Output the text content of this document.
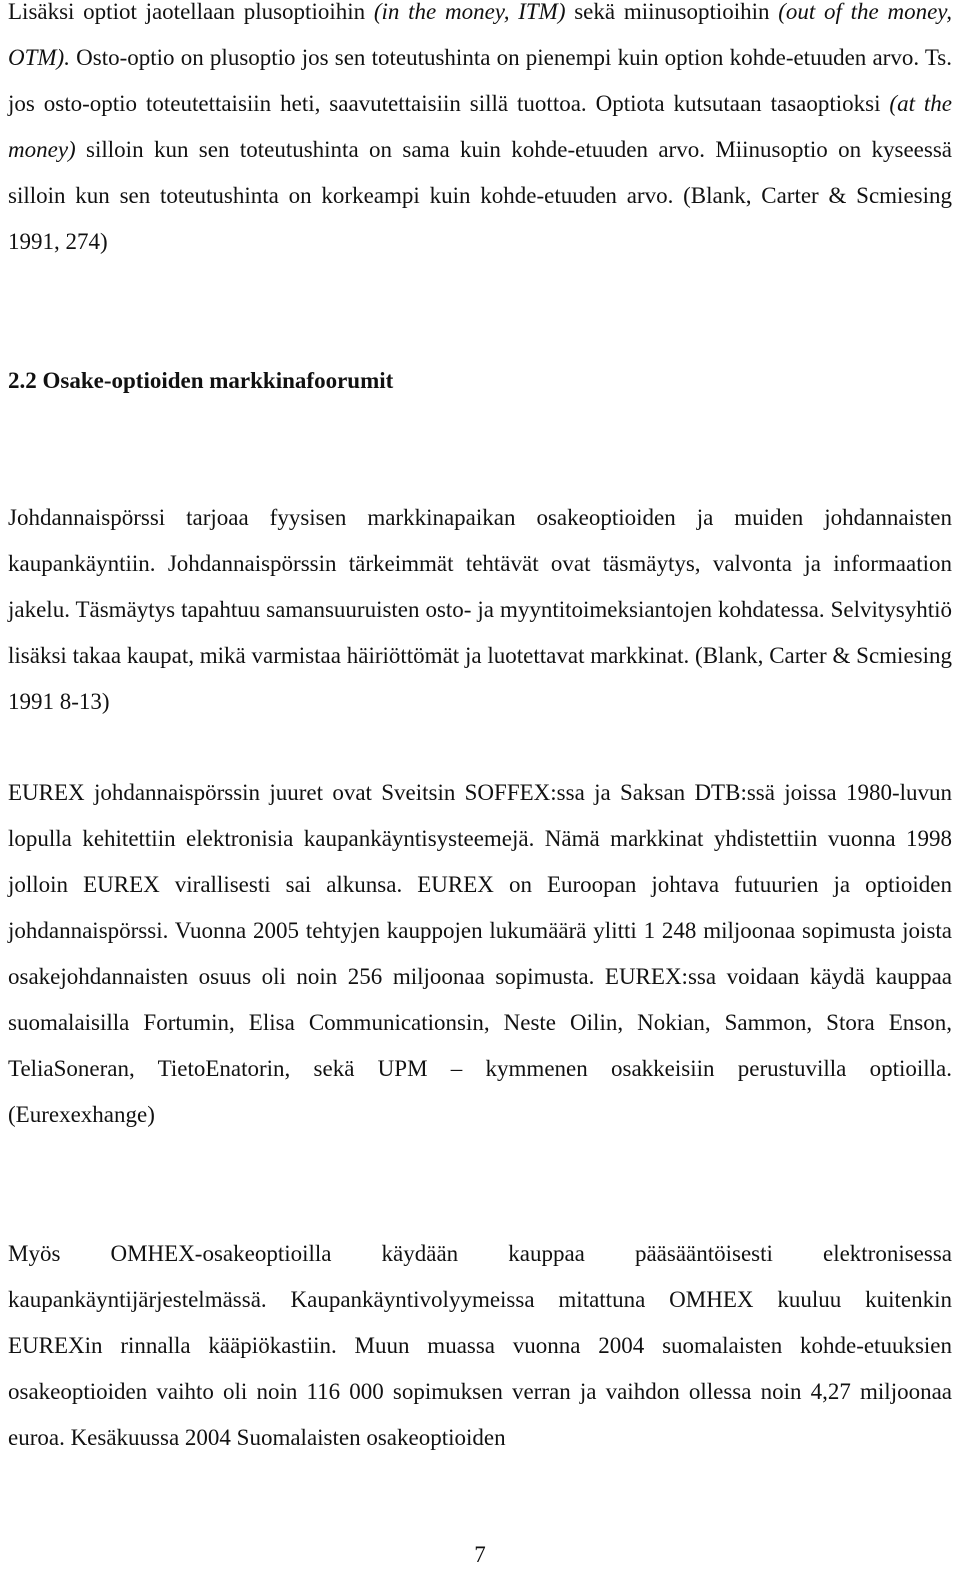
Lisäksi optiot jaotellaan plusoptioihin (in the money, ITM) sekä miinusoptioihin (out of the money, OTM). Osto-optio on plusoptio jos sen toteutushinta on pienempi kuin option kohde-etuuden arvo. Ts. jos osto-optio toteutettaisiin heti, saavutettaisiin sillä tuottoa. Optiota kutsutaan tasaoptioksi (at the money) silloin kun sen toteutushinta on sama kuin kohde-etuuden arvo. Miinusoptio on kyseessä silloin kun sen toteutushinta on korkeampi kuin kohde-etuuden arvo. (Blank, Carter & Scmiesing 1991, 274)

2.2 Osake-optioiden markkinafoorumit

Johdannaispörssi tarjoaa fyysisen markkinapaikan osakeoptioiden ja muiden johdannaisten kaupankäyntiin. Johdannaispörssin tärkeimmät tehtävät ovat täsmäytys, valvonta ja informaation jakelu. Täsmäytys tapahtuu samansuuruisten osto- ja myyntitoimeksiantojen kohdatessa. Selvitysyhtiö lisäksi takaa kaupat, mikä varmistaa häiriöttömät ja luotettavat markkinat. (Blank, Carter & Scmiesing 1991 8-13)

EUREX johdannaispörssin juuret ovat Sveitsin SOFFEX:ssa ja Saksan DTB:ssä joissa 1980-luvun lopulla kehitettiin elektronisia kaupankäyntisysteemejä. Nämä markkinat yhdistettiin vuonna 1998 jolloin EUREX virallisesti sai alkunsa. EUREX on Euroopan johtava futuurien ja optioiden johdannaispörssi. Vuonna 2005 tehtyjen kauppojen lukumäärä ylitti 1 248 miljoonaa sopimusta joista osakejohdannaisten osuus oli noin 256 miljoonaa sopimusta. EUREX:ssa voidaan käydä kauppaa suomalaisilla Fortumin, Elisa Communicationsin, Neste Oilin, Nokian, Sammon, Stora Enson, TeliaSoneran, TietoEnatorin, sekä UPM – kymmenen osakkeisiin perustuvilla optioilla. (Eurexexhange)

Myös OMHEX-osakeoptioilla käydään kauppaa pääsääntöisesti elektronisessa kaupankäyntijärjestelmässä. Kaupankäyntivolyymeissa mitattuna OMHEX kuuluu kuitenkin EUREXin rinnalla kääpiökastiin. Muun muassa vuonna 2004 suomalaisten kohde-etuuksien osakeoptioiden vaihto oli noin 116 000 sopimuksen verran ja vaihdon ollessa noin 4,27 miljoonaa euroa. Kesäkuussa 2004 Suomalaisten osakeoptioiden

7
